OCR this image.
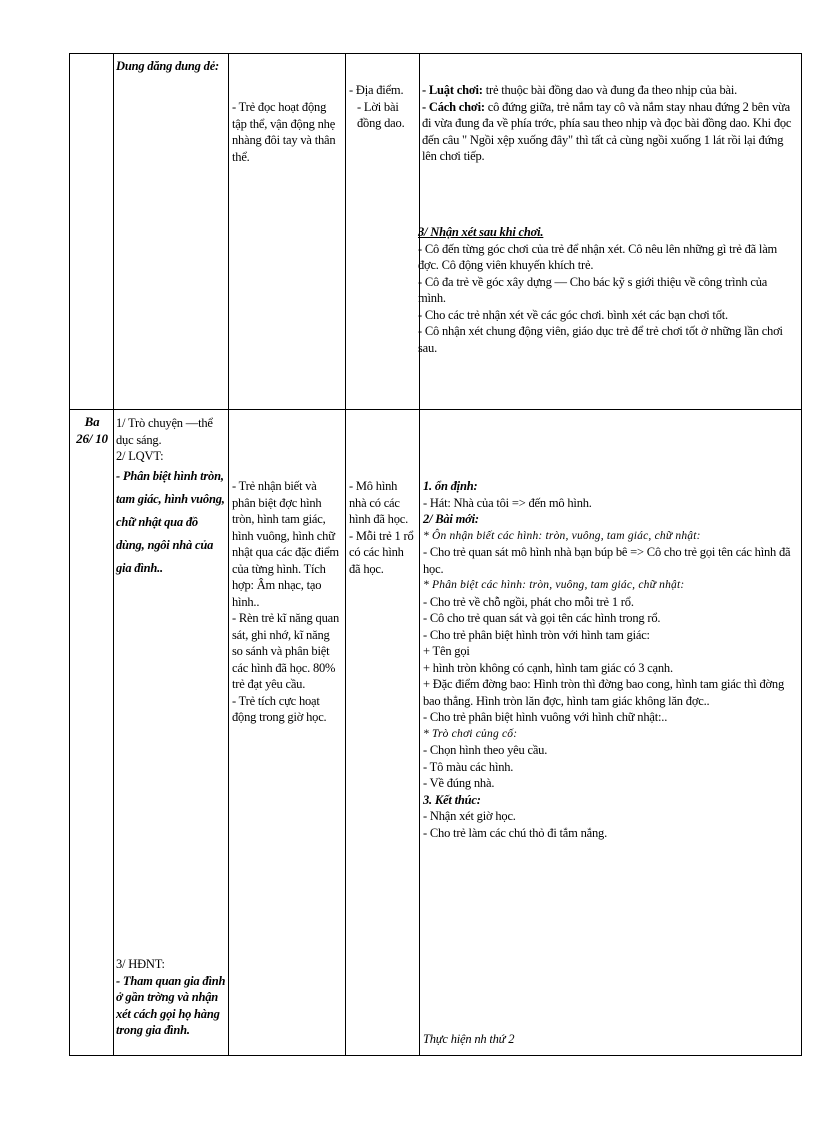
Dung dăng dung dẻ:

- Trẻ đọc hoạt động tập thể, vận động nhẹ nhàng đôi tay và thân thể.

- Địa điểm.

- Lời bài đồng dao.

- Luật chơi: trẻ thuộc bài đồng dao và đung đa theo nhịp của bài.

- Cách chơi: cô đứng giữa, trẻ nắm tay cô và nắm stay nhau đứng 2 bên vừa đi vừa đung đa về phía trớc, phía sau theo nhịp và đọc bài đồng dao. Khi đọc đến câu " Ngồi xệp xuống đây" thì tất cả cùng ngồi xuống 1 lát rồi lại đứng lên chơi tiếp.

3/ Nhận xét sau khi chơi.

- Cô đến từng góc chơi của trẻ để nhận xét. Cô nêu lên những gì trẻ đã làm đợc. Cô động viên khuyến khích trẻ.

- Cô đa trẻ về góc xây dựng — Cho bác kỹ s giới thiệu về công trình của mình.

- Cho các trẻ nhận xét về các góc chơi. bình xét các bạn chơi tốt.

- Cô nhận xét chung động viên, giáo dục trẻ để trẻ chơi tốt ở những lần chơi sau.

Ba

26/ 10

1/ Trò chuyện —thể dục sáng.

2/ LQVT:

- Phân biệt hình tròn, tam giác, hình vuông, chữ nhật qua đồ dùng, ngôi nhà của gia đình..

3/ HĐNT:

- Tham quan gia đình ở gần trờng và nhận xét cách gọi họ hàng trong gia đình.

- Trẻ nhận biết và phân biệt đợc hình tròn, hình tam giác, hình vuông, hình chữ nhật qua các đặc điểm của từng hình. Tích hợp: Âm nhạc, tạo hình..

- Rèn trẻ kĩ năng quan sát, ghi nhớ, kĩ năng so sánh và phân biệt các hình đã học. 80% trẻ đạt yêu cầu.

- Trẻ tích cực hoạt động trong giờ học.

- Mô hình nhà có các hình đã học.

- Mỗi trẻ 1 rổ có các hình đã học.

1. ổn định:

- Hát: Nhà của tôi => đến mô hình.

2/ Bài mới:

* Ôn nhận biết các hình: tròn, vuông, tam giác, chữ nhật:

- Cho trẻ quan sát mô hình nhà bạn búp bê => Cô cho trẻ gọi tên các hình đã học.

* Phân biệt các hình: tròn, vuông, tam giác, chữ nhật:

- Cho trẻ về chỗ ngồi, phát cho mỗi trẻ 1 rổ.

- Cô cho trẻ quan sát và gọi tên các hình trong rổ.

- Cho trẻ phân biệt hình tròn với hình tam giác:

+ Tên gọi

+ hình tròn không có cạnh, hình tam giác có 3 cạnh.

+ Đặc điểm đờng bao: Hình tròn thì đờng bao cong, hình tam giác thì đờng bao thẳng. Hình tròn lăn đợc, hình tam giác không lăn đợc..

- Cho trẻ phân biệt hình vuông với hình chữ nhật:..

* Trò chơi củng cố:

- Chọn hình theo yêu cầu.

- Tô màu các hình.

- Về đúng nhà.

3. Kết thúc:

- Nhận xét giờ học.

- Cho trẻ làm các chú thỏ đi tắm nắng.

Thực hiện nh thứ 2
